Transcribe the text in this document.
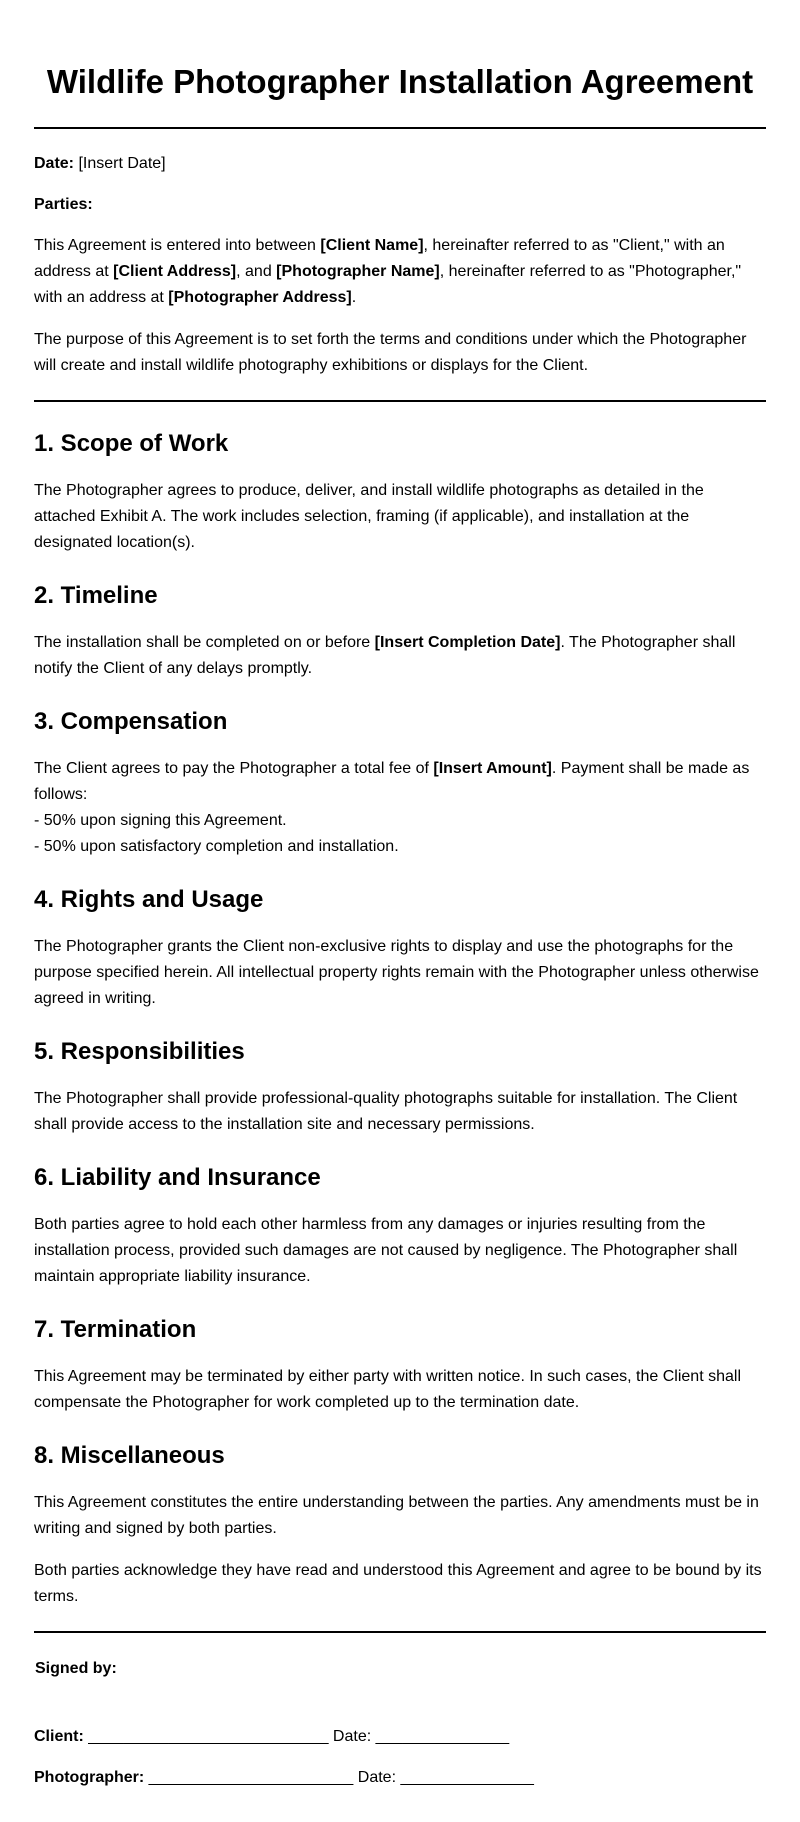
Wildlife Photographer Installation Agreement

Date: [Insert Date]

Parties:

This Agreement is entered into between [Client Name], hereinafter referred to as "Client," with an address at [Client Address], and [Photographer Name], hereinafter referred to as "Photographer," with an address at [Photographer Address].

The purpose of this Agreement is to set forth the terms and conditions under which the Photographer will create and install wildlife photography exhibitions or displays for the Client.

1. Scope of Work

The Photographer agrees to produce, deliver, and install wildlife photographs as detailed in the attached Exhibit A. The work includes selection, framing (if applicable), and installation at the designated location(s).

2. Timeline

The installation shall be completed on or before [Insert Completion Date]. The Photographer shall notify the Client of any delays promptly.

3. Compensation

The Client agrees to pay the Photographer a total fee of [Insert Amount]. Payment shall be made as follows:
- 50% upon signing this Agreement.
- 50% upon satisfactory completion and installation.

4. Rights and Usage

The Photographer grants the Client non-exclusive rights to display and use the photographs for the purpose specified herein. All intellectual property rights remain with the Photographer unless otherwise agreed in writing.

5. Responsibilities

The Photographer shall provide professional-quality photographs suitable for installation. The Client shall provide access to the installation site and necessary permissions.

6. Liability and Insurance

Both parties agree to hold each other harmless from any damages or injuries resulting from the installation process, provided such damages are not caused by negligence. The Photographer shall maintain appropriate liability insurance.

7. Termination

This Agreement may be terminated by either party with written notice. In such cases, the Client shall compensate the Photographer for work completed up to the termination date.

8. Miscellaneous

This Agreement constitutes the entire understanding between the parties. Any amendments must be in writing and signed by both parties.

Both parties acknowledge they have read and understood this Agreement and agree to be bound by its terms.

Signed by:

Client: ___________________________ Date: _______________

Photographer: _______________________ Date: _______________
